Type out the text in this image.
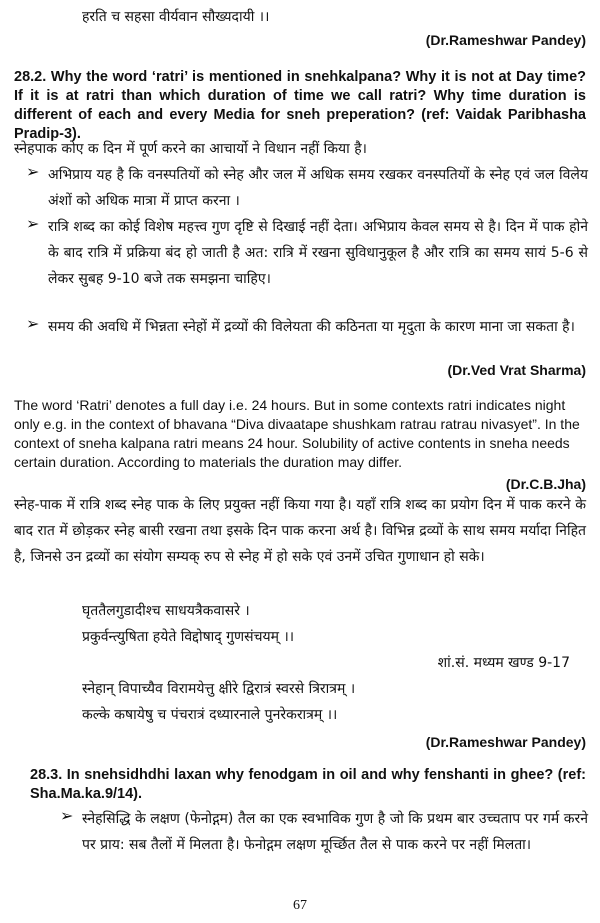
हरति च सहसा वीर्यवान सौख्यदायी ।।
(Dr.Rameshwar Pandey)
28.2. Why the word ‘ratri’ is mentioned in snehkalpana? Why it is not at Day time? If it is at ratri than which duration of time we call ratri? Why time duration is different of each and every Media for sneh preperation? (ref: Vaidak Paribhasha Pradip-3).
स्नेहपाक कोए क दिन में पूर्ण करने का आचार्यो ने विधान नहीं किया है।
➢ अभिप्राय यह है कि वनस्पतियों को स्नेह और जल में अधिक समय रखकर वनस्पतियों के स्नेह एवं जल विलेय अंशों को अधिक मात्रा में प्राप्त करना ।
➢ रात्रि शब्द का कोई विशेष महत्त्व गुण दृष्टि से दिखाई नहीं देता। अभिप्राय केवल समय से है। दिन में पाक होने के बाद रात्रि में प्रक्रिया बंद हो जाती है अत: रात्रि में रखना सुविधानुकूल है और रात्रि का समय सायं 5-6 से लेकर सुबह 9-10 बजे तक समझना चाहिए।
➢ समय की अवधि में भिन्नता स्नेहों में द्रव्यों की विलेयता की कठिनता या मृदुता के कारण माना जा सकता है।
(Dr.Ved Vrat Sharma)
The word ‘Ratri’ denotes a full day i.e. 24 hours. But in some contexts ratri indicates night only e.g. in the context of bhavana “Diva divaatape shushkam ratrau ratrau nivasyet”. In the context of sneha kalpana ratri means 24 hour. Solubility of active contents in sneha needs certain duration. According to materials the duration may differ.
(Dr.C.B.Jha)
स्नेह-पाक में रात्रि शब्द स्नेह पाक के लिए प्रयुक्त नहीं किया गया है। यहाँ रात्रि शब्द का प्रयोग दिन में पाक करने के बाद रात में छोड़कर स्नेह बासी रखना तथा इसके दिन पाक करना अर्थ है। विभिन्न द्रव्यों के साथ समय मर्यादा निहित है, जिनसे उन द्रव्यों का संयोग सम्यक् रुप से स्नेह में हो सके एवं उनमें उचित गुणाधान हो सके।
घृततैलगुडादीश्च साधयत्रैकवासरे ।
प्रकुर्वन्त्युषिता हयेते विद्दोषाद् गुणसंचयम् ।।
शां.सं. मध्यम खण्ड 9-17
स्नेहान् विपाच्यैव विरामयेत्तु क्षीरे द्विरात्रं स्वरसे त्रिरात्रम् ।
कल्के कषायेषु च पंचरात्रं दध्यारनाले पुनरेकरात्रम् ।।
(Dr.Rameshwar Pandey)
28.3. In snehsidhdhi laxan why fenodgam in oil and why fenshanti in ghee? (ref: Sha.Ma.ka.9/14).
➢ स्नेहसिद्धि के लक्षण (फेनोद्गम) तैल का एक स्वभाविक गुण है जो कि प्रथम बार उच्चताप पर गर्म करने पर प्राय: सब तैलों में मिलता है। फेनोद्गम लक्षण मूर्च्छित तैल से पाक करने पर नहीं मिलता।
67
